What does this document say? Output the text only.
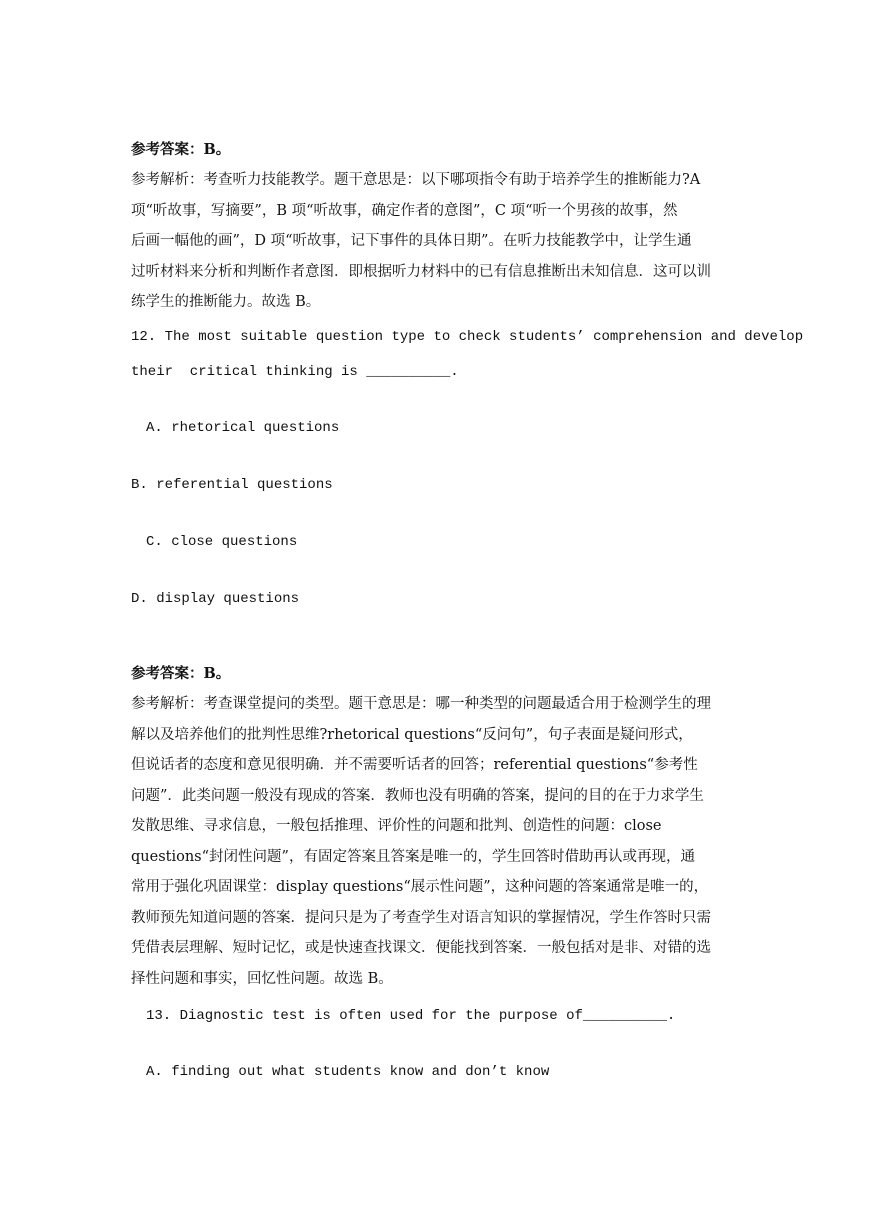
参考答案：B。
参考解析：考查听力技能教学。题干意思是：以下哪项指令有助于培养学生的推断能力?A
项“听故事，写摘要”，B 项“听故事，确定作者的意图”，C 项“听一个男孩的故事，然
后画一幅他的画”，D 项“听故事，记下事件的具体日期”。在听力技能教学中，让学生通
过听材料来分析和判断作者意图．即根据听力材料中的已有信息推断出未知信息．这可以训
练学生的推断能力。故选 B。
12. The most suitable question type to check students’ comprehension and develop
their  critical thinking is __________.
A. rhetorical questions
B. referential questions
C. close questions
D. display questions
参考答案：B。
参考解析：考查课堂提问的类型。题干意思是：哪一种类型的问题最适合用于检测学生的理
解以及培养他们的批判性思维?rhetorical questions“反问句”，句子表面是疑问形式，
但说话者的态度和意见很明确．并不需要听话者的回答；referential questions“参考性
问题”．此类问题一般没有现成的答案．教师也没有明确的答案，提问的目的在于力求学生
发散思维、寻求信息，一般包括推理、评价性的问题和批判、创造性的问题：close
questions“封闭性问题”，有固定答案且答案是唯一的，学生回答时借助再认或再现，通
常用于强化巩固课堂：display questions“展示性问题”，这种问题的答案通常是唯一的，
教师预先知道问题的答案．提问只是为了考查学生对语言知识的掌握情况，学生作答时只需
凭借表层理解、短时记忆，或是快速查找课文．便能找到答案．一般包括对是非、对错的选
择性问题和事实，回忆性问题。故选 B。
13. Diagnostic test is often used for the purpose of__________.
A. finding out what students know and don’t know
